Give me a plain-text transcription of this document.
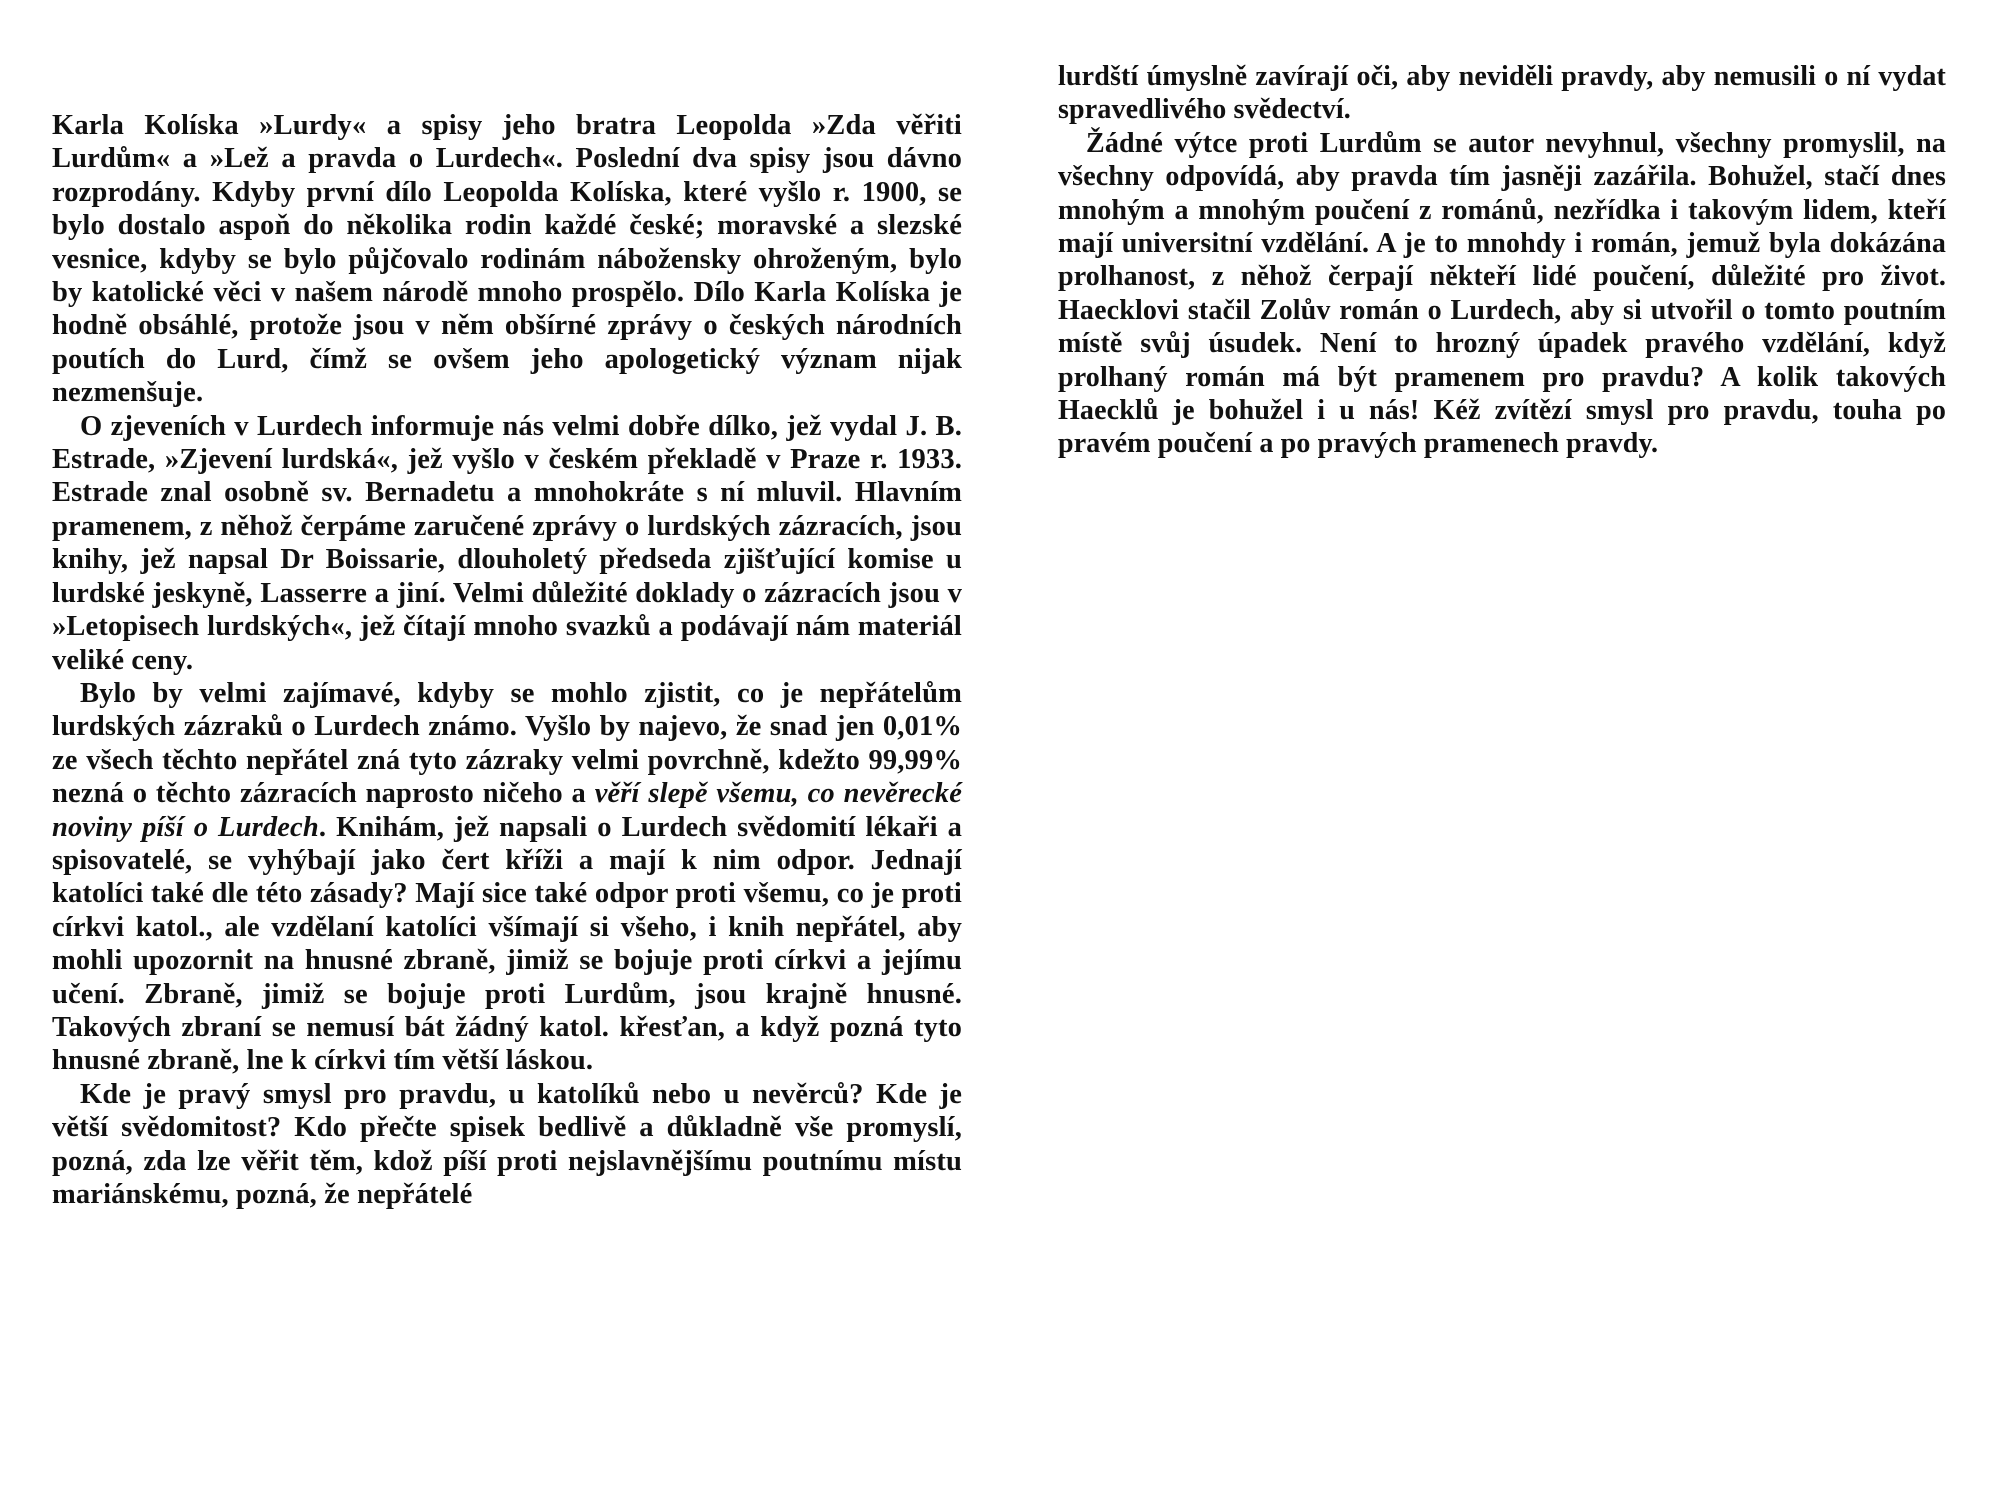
Karla Kolíska »Lurdy« a spisy jeho bratra Leopolda »Zda věřiti Lurdům« a »Lež a pravda o Lurdech«. Poslední dva spisy jsou dávno rozprodány. Kdyby první dílo Leopolda Kolíska, které vyšlo r. 1900, se bylo dostalo aspoň do několika rodin každé české; moravské a slezské vesnice, kdyby se bylo půjčovalo rodinám nábožensky ohroženým, bylo by katolické věci v našem národě mnoho prospělo. Dílo Karla Kolíska je hodně obsáhlé, protože jsou v něm obšírné zprávy o českých národních poutích do Lurd, čímž se ovšem jeho apologetický význam nijak nezmenšuje.

O zjeveních v Lurdech informuje nás velmi dobře dílko, jež vydal J. B. Estrade, »Zjevení lurdská«, jež vyšlo v českém překladě v Praze r. 1933. Estrade znal osobně sv. Bernadetu a mnohokráte s ní mluvil. Hlavním pramenem, z něhož čerpáme zaručené zprávy o lurdských zázracích, jsou knihy, jež napsal Dr Boissarie, dlouholetý předseda zjišťující komise u lurdské jeskyně, Lasserre a jiní. Velmi důležité doklady o zázracích jsou v »Letopisech lurdských«, jež čítají mnoho svazků a podávají nám materiál veliké ceny.

Bylo by velmi zajímavé, kdyby se mohlo zjistit, co je nepřátelům lurdských zázraků o Lurdech známo. Vyšlo by najevo, že snad jen 0,01% ze všech těchto nepřátel zná tyto zázraky velmi povrchně, kdežto 99,99% nezná o těchto zázracích naprosto ničeho a věří slepě všemu, co nevěrecké noviny píší o Lurdech. Knihám, jež napsali o Lurdech svědomití lékaři a spisovatelé, se vyhýbají jako čert kříži a mají k nim odpor. Jednají katolíci také dle této zásady? Mají sice také odpor proti všemu, co je proti církvi katol., ale vzdělaní katolíci všímají si všeho, i knih nepřátel, aby mohli upozornit na hnusné zbraně, jimiž se bojuje proti církvi a jejímu učení. Zbraně, jimiž se bojuje proti Lurdům, jsou krajně hnusné. Takových zbraní se nemusí bát žádný katol. křesťan, a když pozná tyto hnusné zbraně, lne k církvi tím větší láskou.

Kde je pravý smysl pro pravdu, u katolíků nebo u nevěrců? Kde je větší svědomitost? Kdo přečte spisek bedlivě a důkladně vše promyslí, pozná, zda lze věřit těm, kdož píší proti nejslavnějšímu poutnímu místu mariánskému, pozná, že nepřátelé

lurdští úmyslně zavírají oči, aby neviděli pravdy, aby nemusili o ní vydat spravedlivého svědectví.

Žádné výtce proti Lurdům se autor nevyhnul, všechny promyslil, na všechny odpovídá, aby pravda tím jasněji zazářila. Bohužel, stačí dnes mnohým a mnohým poučení z románů, nezřídka i takovým lidem, kteří mají universitní vzdělání. A je to mnohdy i román, jemuž byla dokázána prolhanost, z něhož čerpají někteří lidé poučení, důležité pro život. Haecklovi stačil Zolův román o Lurdech, aby si utvořil o tomto poutním místě svůj úsudek. Není to hrozný úpadek pravého vzdělání, když prolhaný román má být pramenem pro pravdu? A kolik takových Haecklů je bohužel i u nás! Kéž zvítězí smysl pro pravdu, touha po pravém poučení a po pravých pramenech pravdy.
